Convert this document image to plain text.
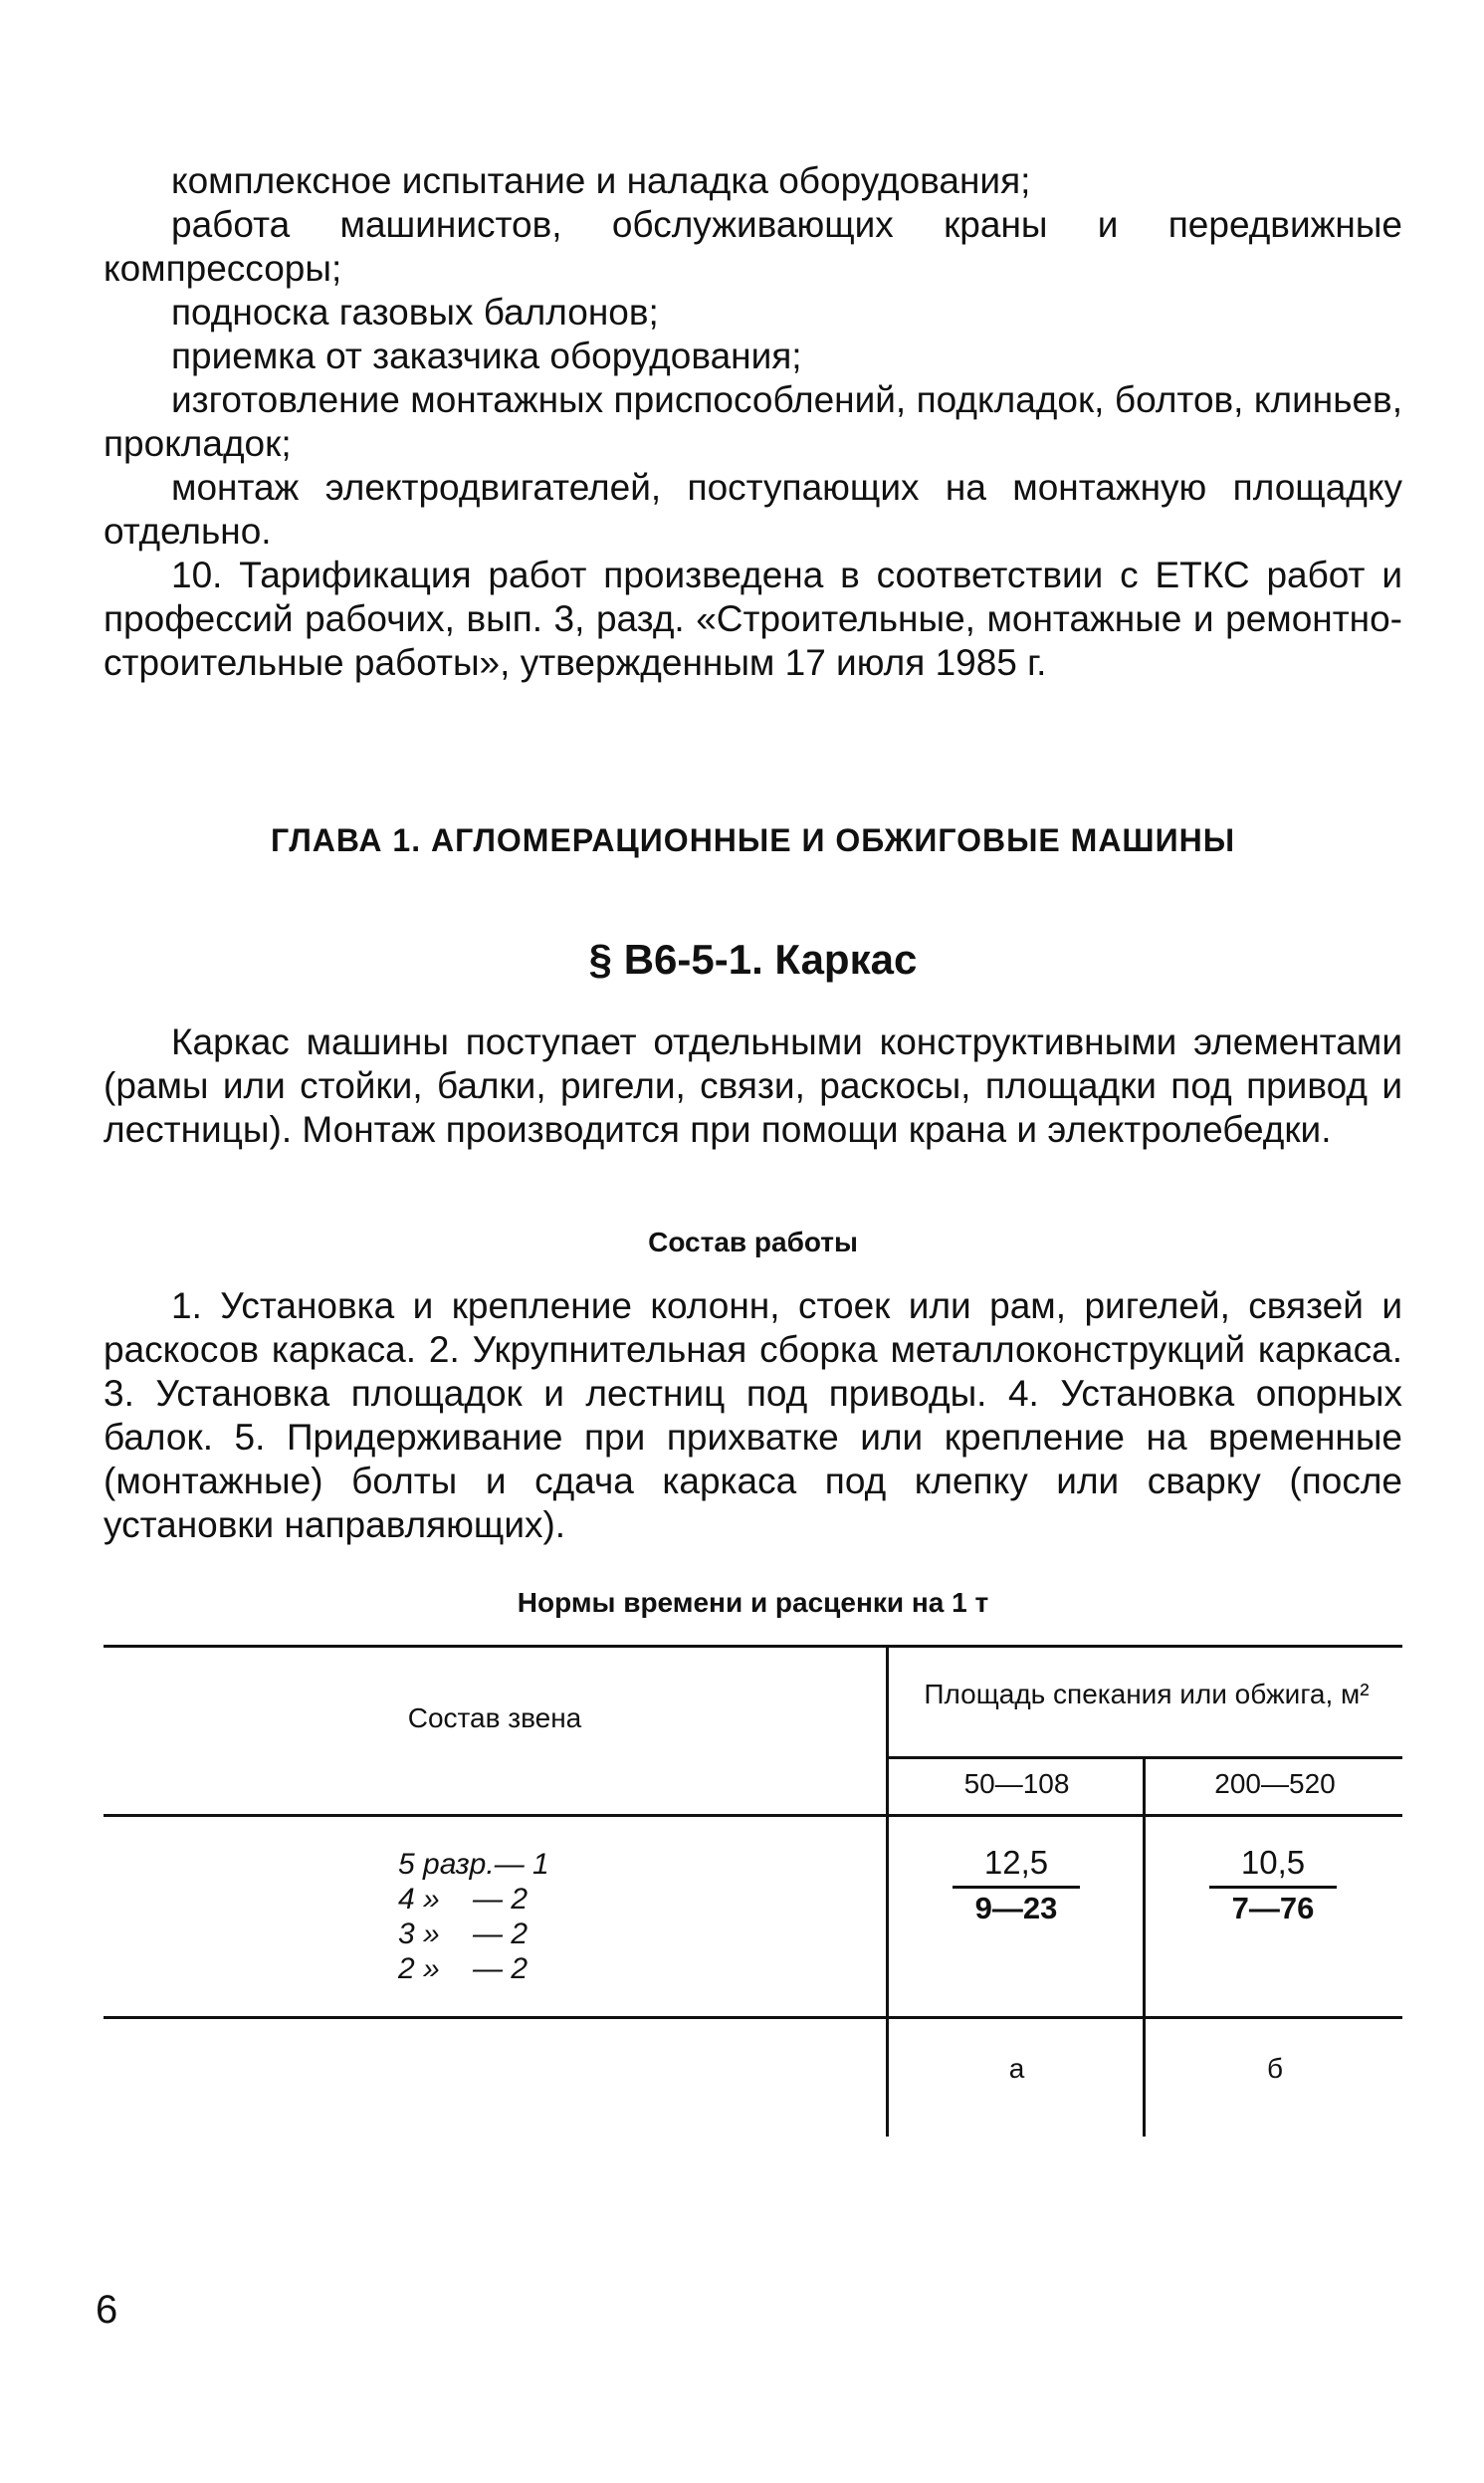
комплексное испытание и наладка оборудования;

работа машинистов, обслуживающих краны и передвижные компрессоры;

подноска газовых баллонов;

приемка от заказчика оборудования;

изготовление монтажных приспособлений, подкладок, болтов, клиньев, прокладок;

монтаж электродвигателей, поступающих на монтажную площадку отдельно.

10. Тарификация работ произведена в соответствии с ЕТКС работ и профессий рабочих, вып. 3, разд. «Строительные, монтажные и ремонтно-строительные работы», утвержденным 17 июля 1985 г.

ГЛАВА 1. АГЛОМЕРАЦИОННЫЕ И ОБЖИГОВЫЕ МАШИНЫ
§ В6-5-1. Каркас

Каркас машины поступает отдельными конструктивными элементами (рамы или стойки, балки, ригели, связи, раскосы, площадки под привод и лестницы). Монтаж производится при помощи крана и электролебедки.

Состав работы

1. Установка и крепление колонн, стоек или рам, ригелей, связей и раскосов каркаса. 2. Укрупнительная сборка металлоконструкций каркаса. 3. Установка площадок и лестниц под приводы. 4. Установка опорных балок. 5. Придерживание при прихватке или крепление на временные (монтажные) болты и сдача каркаса под клепку или сварку (после установки направляющих).

Нормы времени и расценки на 1 т
Состав звена
Площадь спекания или обжига, м²
50—108	200—520
5 разр.— 1
4 »    — 2
3 »    — 2
2 »    — 2
12,5
9—23
10,5
7—76
а	б
6
